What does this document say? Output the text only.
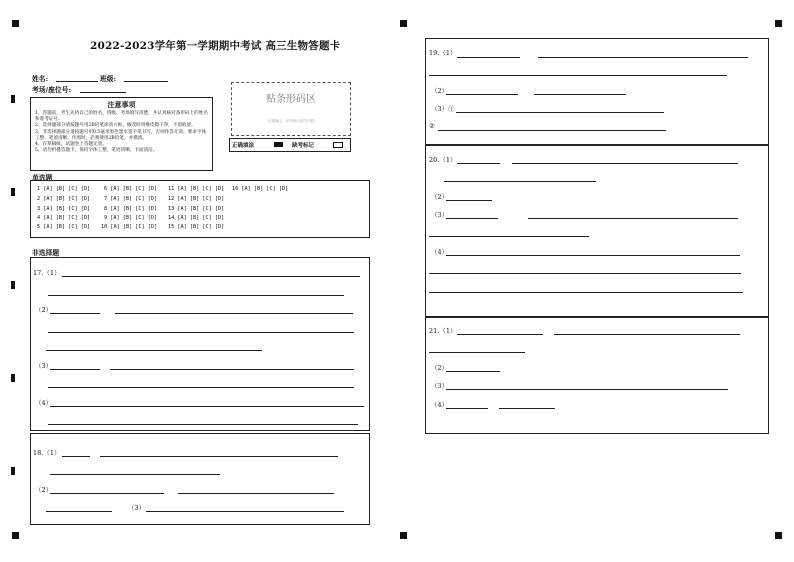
2022-2023学年第一学期期中考试 高三生物答题卡
姓名:	班级:
考场/座位号:
注意事项
1、答题前，考生先将自己的姓名、班级、考场填写清楚，并认真核对条形码上的姓名和准考证号。
2、选择题部分请按题号用2B铅笔涂清方框，修改时用橡皮擦干净，不留痕迹。
3、非选择题部分请按题号用0.5毫米黑色墨水签字笔书写，否则作答无效。要求字体工整、笔迹清晰。作图时，必须使用2B铅笔，并描浓。
4、在草稿纸、试题卷上答题无效。
5、请勿折叠答题卡，保持字体工整、笔迹清晰、卡面清洁。
贴条形码区
（正面朝上，切勿贴出虚线方框）
正确填涂	缺考标记
单选题
1 [A] [B] [C] [D]
2 [A] [B] [C] [D]
3 [A] [B] [C] [D]
4 [A] [B] [C] [D]
5 [A] [B] [C] [D]
6 [A] [B] [C] [D]
7 [A] [B] [C] [D]
8 [A] [B] [C] [D]
9 [A] [B] [C] [D]
10 [A] [B] [C] [D]
11 [A] [B] [C] [D]
12 [A] [B] [C] [D]
13 [A] [B] [C] [D]
14 [A] [B] [C] [D]
15 [A] [B] [C] [D]
16 [A] [B] [C] [D]
非选择题
17.（1）
（2）
（3）
（4）
18.（1）
（2）
（3）
19.（1）
（2）
（3）①
②
20.（1）
（2）
（3）
（4）
21.（1）
（2）
（3）
（4）
